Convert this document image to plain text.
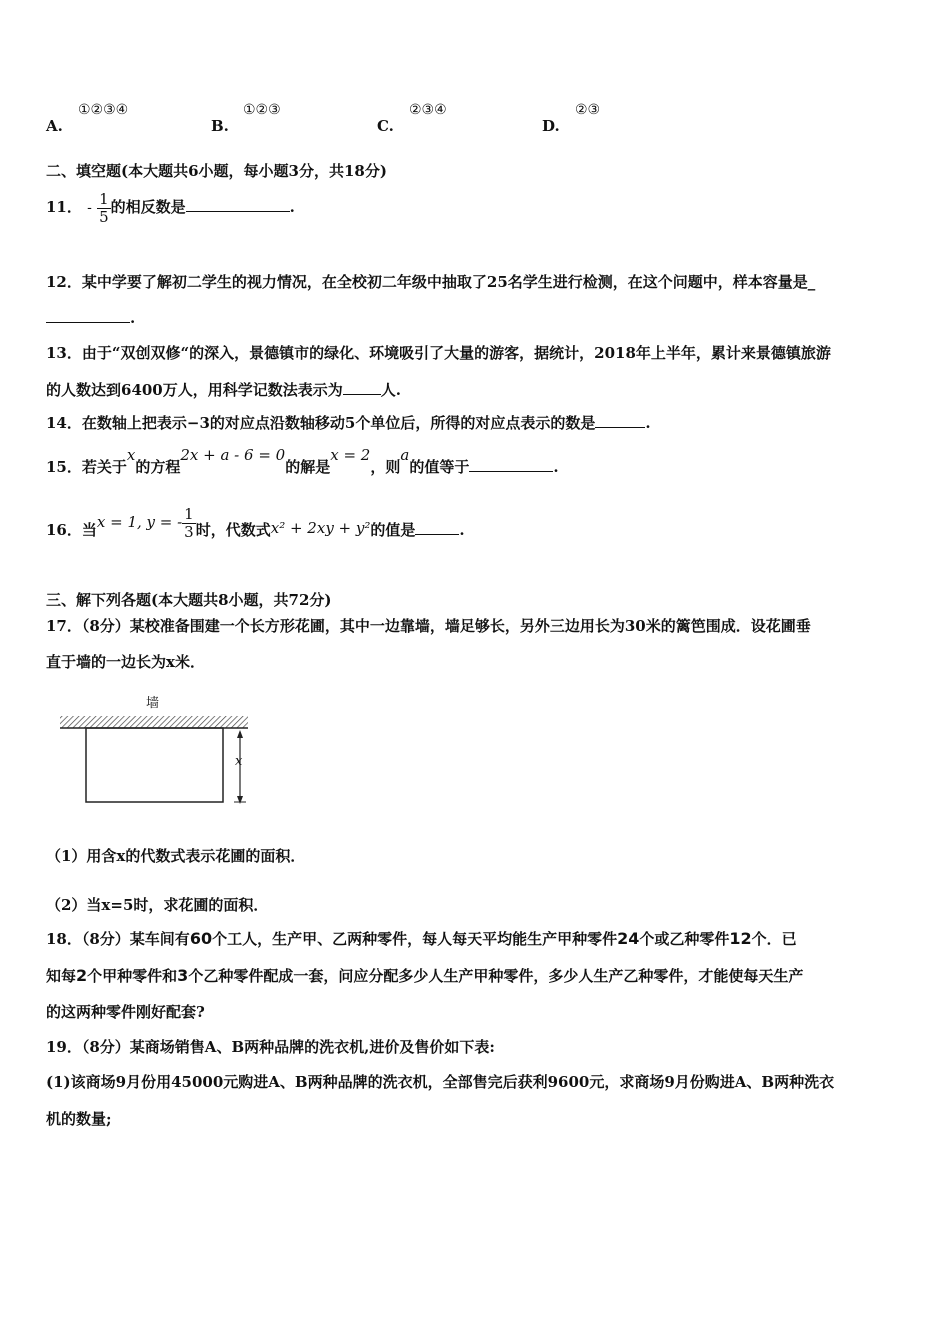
A.
①②③④
B.
①②③
C.
②③④
D.
②③
二、填空题(本大题共6小题，每小题3分，共18分)
11． - $\frac{1}{5}$ 的相反数是	.
12．某中学要了解初二学生的视力情况，在全校初二年级中抽取了25名学生进行检测，在这个问题中，样本容量是_
.
13．由于“双创双修“的深入，景德镇市的绿化、环境吸引了大量的游客，据统计，2018年上半年，累计来景德镇旅游
的人数达到6400万人，用科学记数法表示为	人.
14．在数轴上把表示−3的对应点沿数轴移动5个单位后，所得的对应点表示的数是	.
15．若关于x的方程2x + a - 6 = 0的解是x = 2，则a的值等于	.
16．当x = 1, y = - $\frac{1}{3}$ 时，代数式x² + 2xy + y²的值是	.
三、解下列各题(本大题共8小题，共72分)
17．（8分）某校准备围建一个长方形花圃，其中一边靠墙，墙足够长，另外三边用长为30米的篱笆围成．设花圃垂
直于墙的一边长为x米．
墙
x
（1）用含x的代数式表示花圃的面积．
（2）当x=5时，求花圃的面积．
18．（8分）某车间有60个工人，生产甲、乙两种零件，每人每天平均能生产甲种零件24个或乙种零件12个．已
知每2个甲种零件和3个乙种零件配成一套，问应分配多少人生产甲种零件，多少人生产乙种零件，才能使每天生产
的这两种零件刚好配套?
19．（8分）某商场销售A、B两种品牌的洗衣机,进价及售价如下表:
(1)该商场9月份用45000元购进A、B两种品牌的洗衣机，全部售完后获利9600元，求商场9月份购进A、B两种洗衣
机的数量;
